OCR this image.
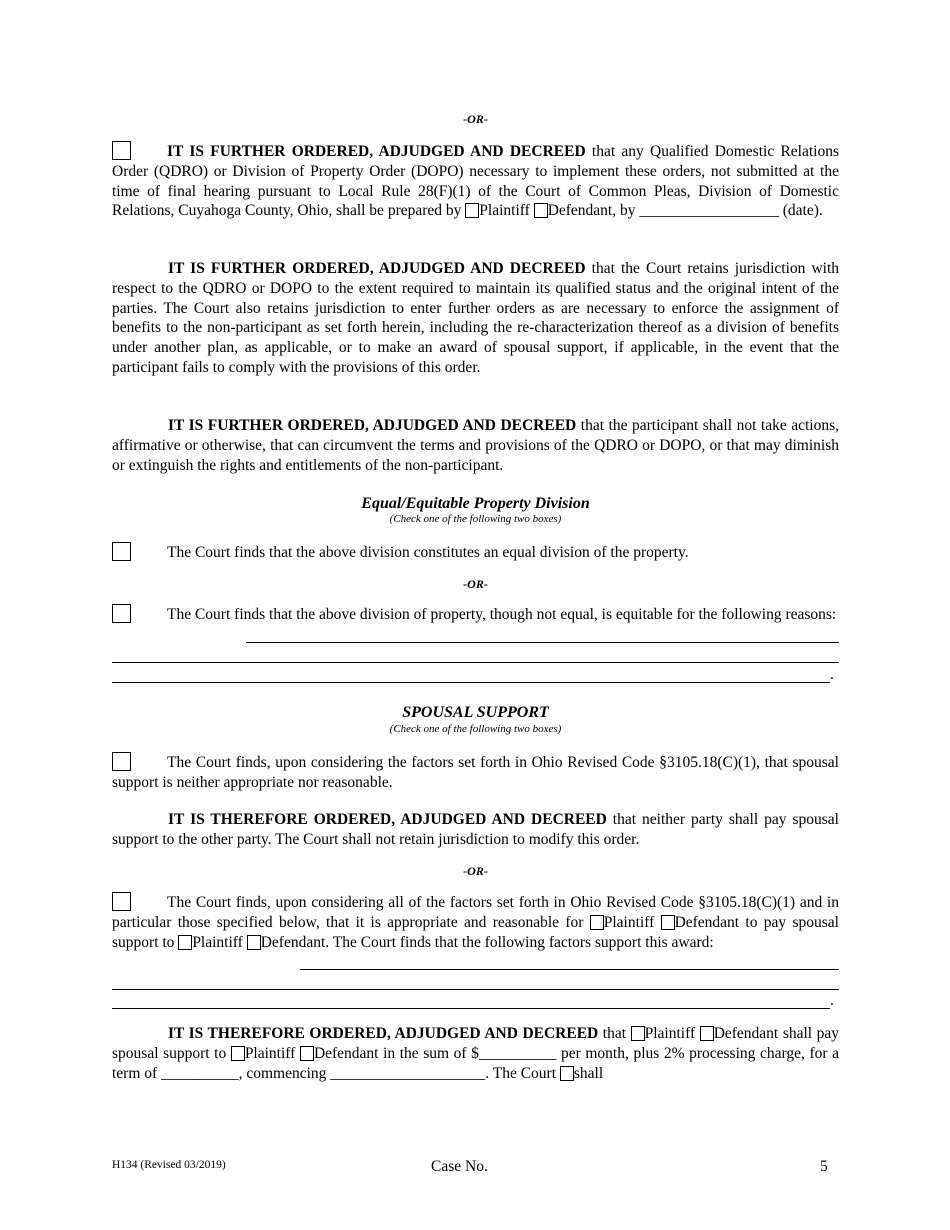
-OR-
IT IS FURTHER ORDERED, ADJUDGED AND DECREED that any Qualified Domestic Relations Order (QDRO) or Division of Property Order (DOPO) necessary to implement these orders, not submitted at the time of final hearing pursuant to Local Rule 28(F)(1) of the Court of Common Pleas, Division of Domestic Relations, Cuyahoga County, Ohio, shall be prepared by Plaintiff Defendant, by __________________ (date).
IT IS FURTHER ORDERED, ADJUDGED AND DECREED that the Court retains jurisdiction with respect to the QDRO or DOPO to the extent required to maintain its qualified status and the original intent of the parties. The Court also retains jurisdiction to enter further orders as are necessary to enforce the assignment of benefits to the non-participant as set forth herein, including the re-characterization thereof as a division of benefits under another plan, as applicable, or to make an award of spousal support, if applicable, in the event that the participant fails to comply with the provisions of this order.
IT IS FURTHER ORDERED, ADJUDGED AND DECREED that the participant shall not take actions, affirmative or otherwise, that can circumvent the terms and provisions of the QDRO or DOPO, or that may diminish or extinguish the rights and entitlements of the non-participant.
Equal/Equitable Property Division
(Check one of the following two boxes)
The Court finds that the above division constitutes an equal division of the property.
-OR-
The Court finds that the above division of property, though not equal, is equitable for the following reasons:
.
SPOUSAL SUPPORT
(Check one of the following two boxes)
The Court finds, upon considering the factors set forth in Ohio Revised Code §3105.18(C)(1), that spousal support is neither appropriate nor reasonable.
IT IS THEREFORE ORDERED, ADJUDGED AND DECREED that neither party shall pay spousal support to the other party. The Court shall not retain jurisdiction to modify this order.
-OR-
The Court finds, upon considering all of the factors set forth in Ohio Revised Code §3105.18(C)(1) and in particular those specified below, that it is appropriate and reasonable for Plaintiff Defendant to pay spousal support to Plaintiff Defendant. The Court finds that the following factors support this award:
.
IT IS THEREFORE ORDERED, ADJUDGED AND DECREED that Plaintiff Defendant shall pay spousal support to Plaintiff Defendant in the sum of $__________ per month, plus 2% processing charge, for a term of __________, commencing ____________________. The Court shall
H134 (Revised 03/2019)	Case No.	5
